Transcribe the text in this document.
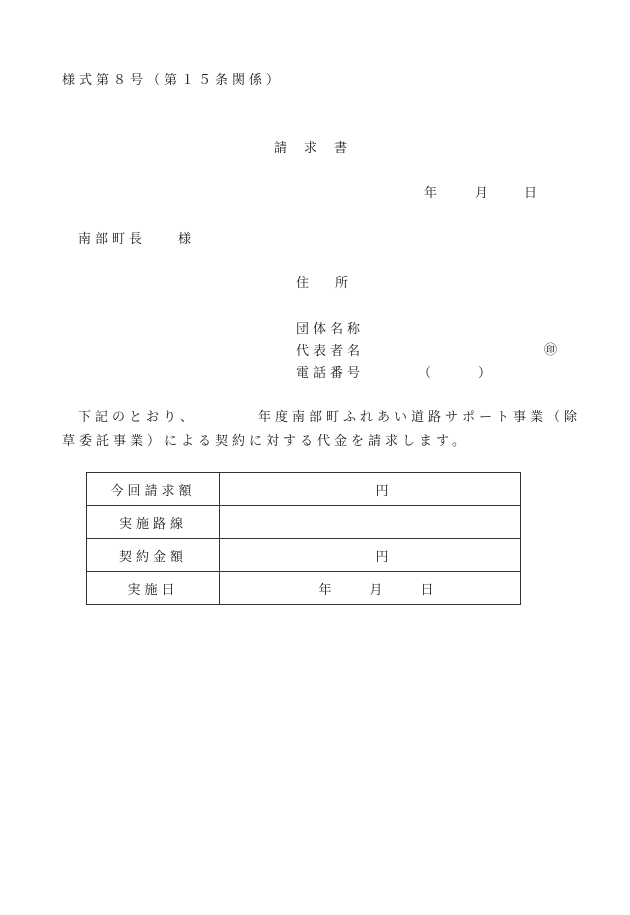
様式第８号（第１５条関係）
請　求　書
年	月	日
南部町長 様
住　　所
団体名称
代表者名	㊞
電話番号	（	）
下記のとおり、	年度南部町ふれあい道路サポート事業（除
草委託事業）による契約に対する代金を請求します。
今回請求額	円
実施路線	
契約金額	円
実施日	年 月 日
